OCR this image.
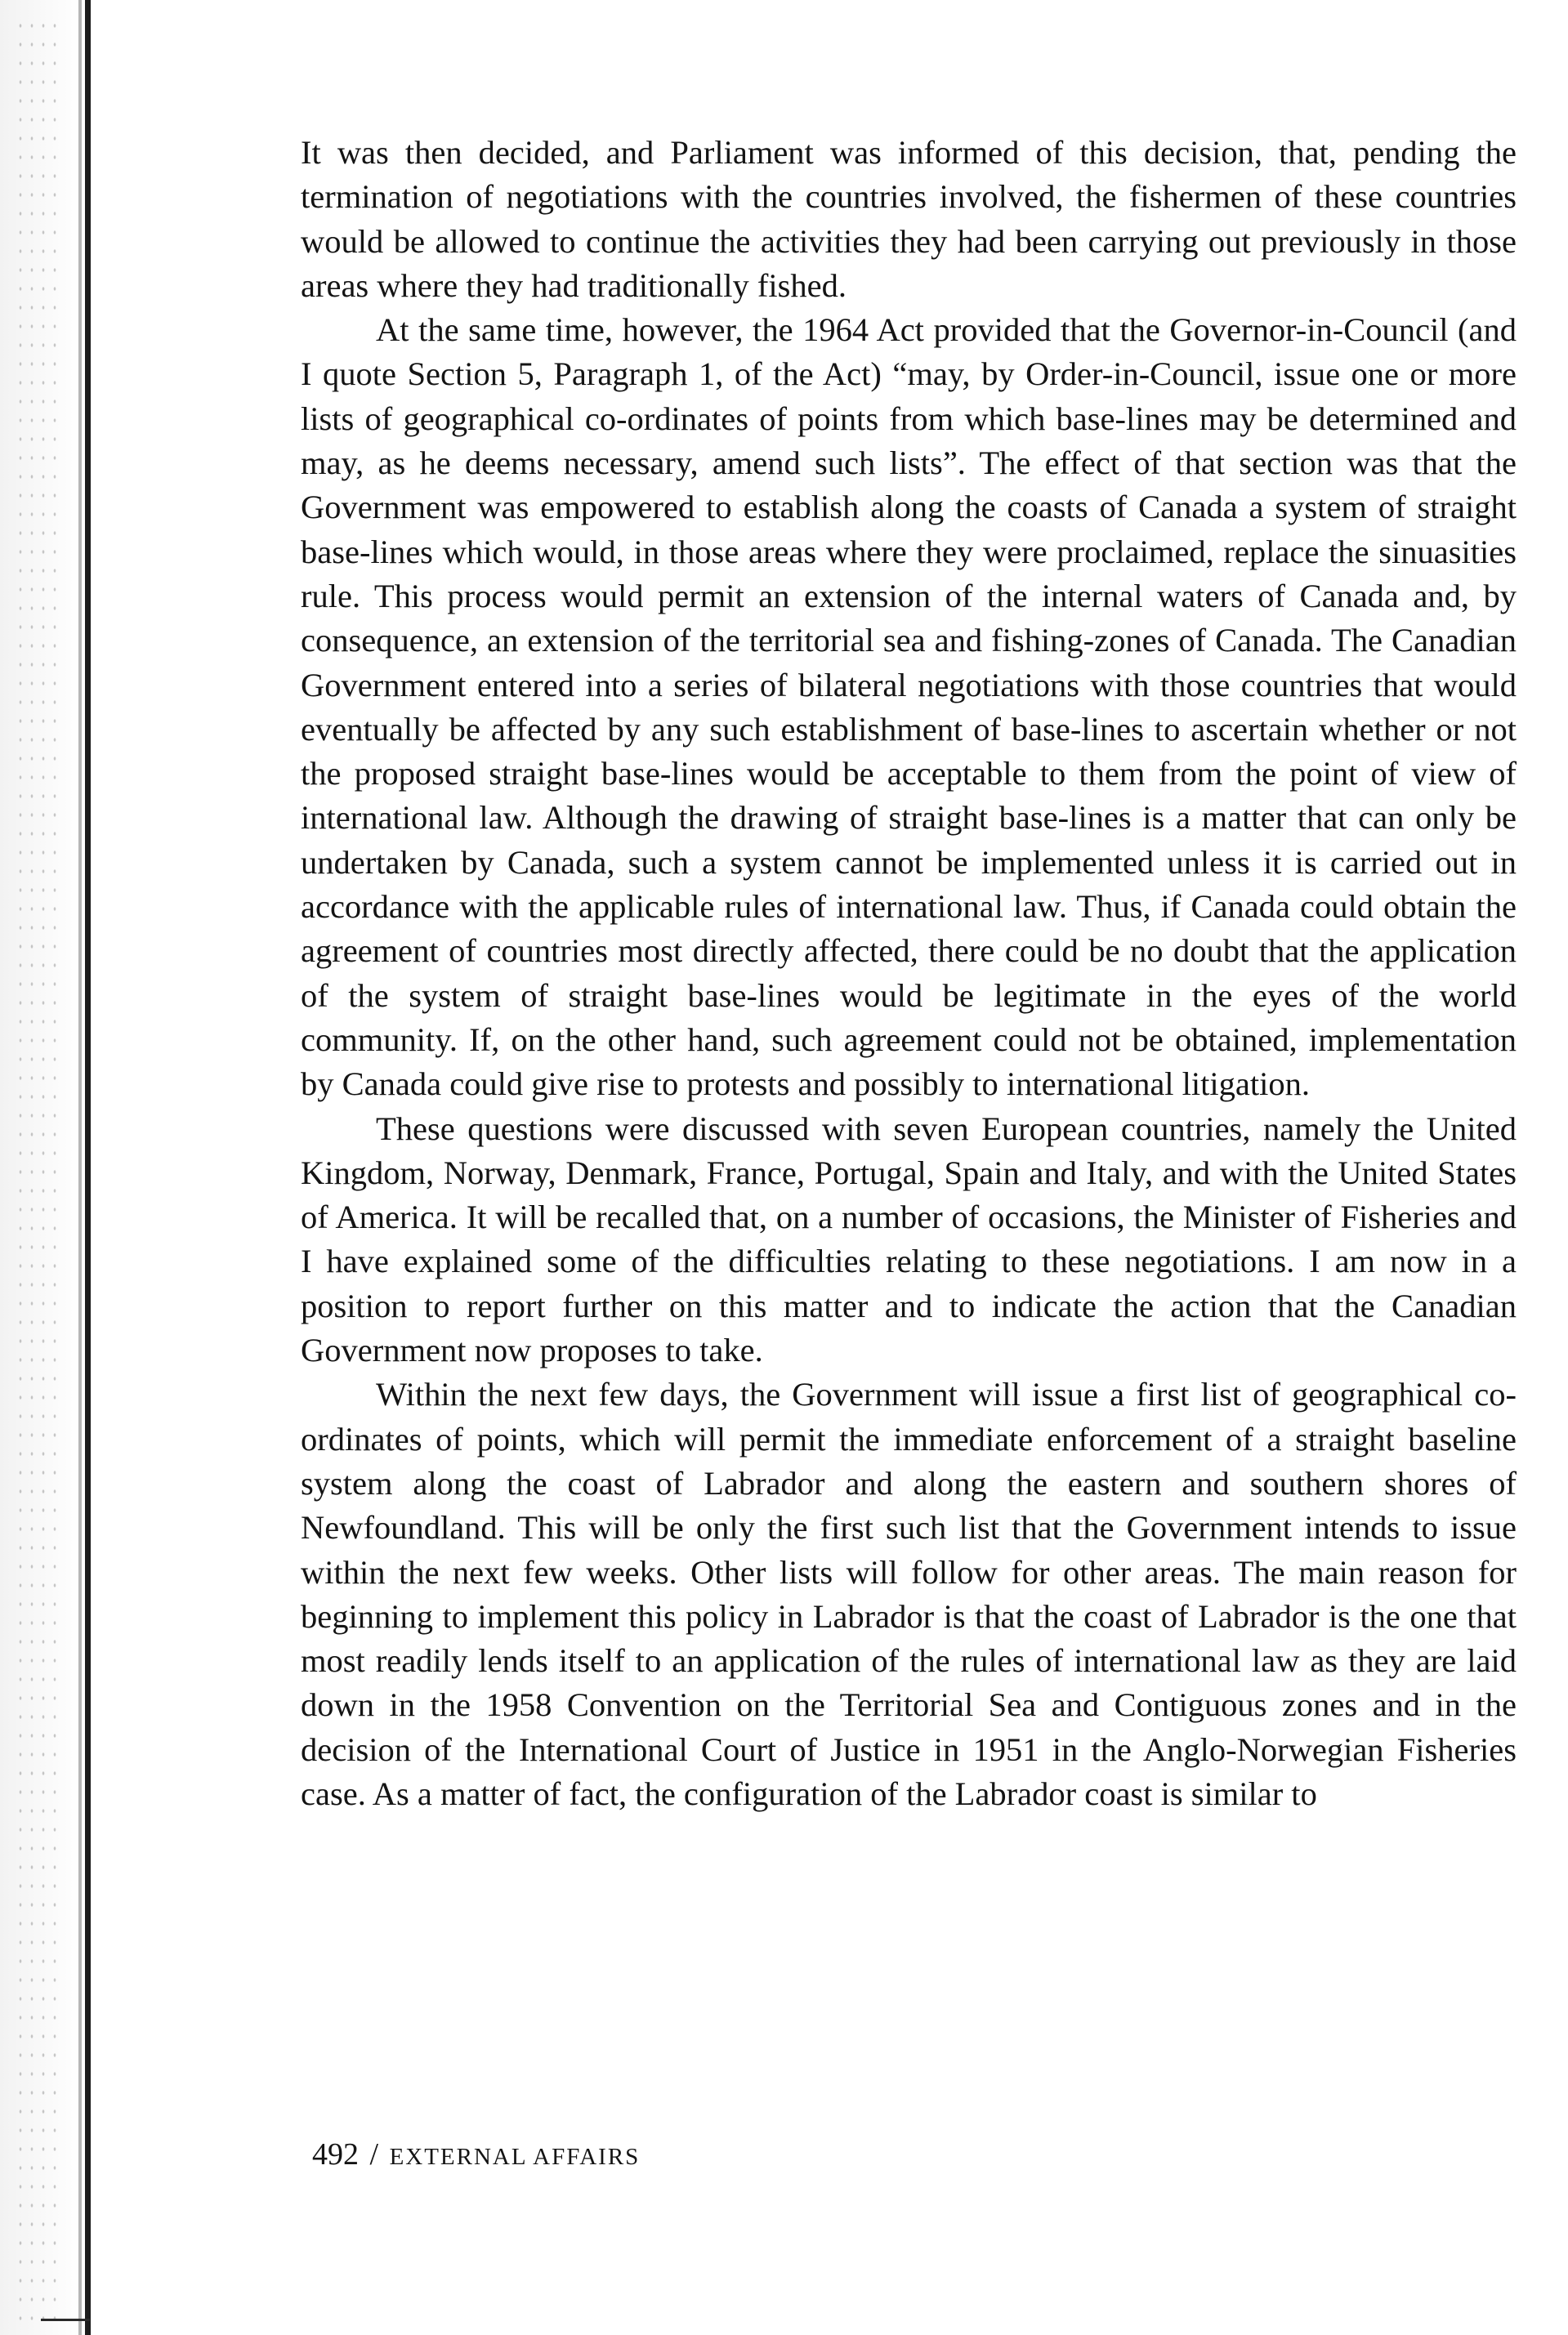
It was then decided, and Parliament was informed of this decision, that, pending the termination of negotiations with the countries involved, the fishermen of these countries would be allowed to continue the activities they had been carrying out previously in those areas where they had traditionally fished.

At the same time, however, the 1964 Act provided that the Governor-in-Council (and I quote Section 5, Paragraph 1, of the Act) “may, by Order-in-Council, issue one or more lists of geographical co-ordinates of points from which base-lines may be determined and may, as he deems necessary, amend such lists”. The effect of that section was that the Government was empowered to establish along the coasts of Canada a system of straight base-lines which would, in those areas where they were proclaimed, replace the sinuasities rule. This process would permit an extension of the internal waters of Canada and, by consequence, an extension of the territorial sea and fishing-zones of Canada. The Canadian Government entered into a series of bilateral negotiations with those countries that would eventually be affected by any such establishment of base-lines to ascertain whether or not the proposed straight base-lines would be acceptable to them from the point of view of international law. Although the drawing of straight base-lines is a matter that can only be undertaken by Canada, such a system cannot be implemented unless it is carried out in accordance with the applicable rules of international law. Thus, if Canada could obtain the agreement of countries most directly affected, there could be no doubt that the application of the system of straight base-lines would be legitimate in the eyes of the world community. If, on the other hand, such agreement could not be obtained, implementation by Canada could give rise to protests and possibly to international litigation.

These questions were discussed with seven European countries, namely the United Kingdom, Norway, Denmark, France, Portugal, Spain and Italy, and with the United States of America. It will be recalled that, on a number of occasions, the Minister of Fisheries and I have explained some of the difficulties relating to these negotiations. I am now in a position to report further on this matter and to indicate the action that the Canadian Government now proposes to take.

Within the next few days, the Government will issue a first list of geographical co-ordinates of points, which will permit the immediate enforcement of a straight baseline system along the coast of Labrador and along the eastern and southern shores of Newfoundland. This will be only the first such list that the Government intends to issue within the next few weeks. Other lists will follow for other areas. The main reason for beginning to implement this policy in Labrador is that the coast of Labrador is the one that most readily lends itself to an application of the rules of international law as they are laid down in the 1958 Convention on the Territorial Sea and Contiguous zones and in the decision of the International Court of Justice in 1951 in the Anglo-Norwegian Fisheries case. As a matter of fact, the configuration of the Labrador coast is similar to

492 / EXTERNAL AFFAIRS
